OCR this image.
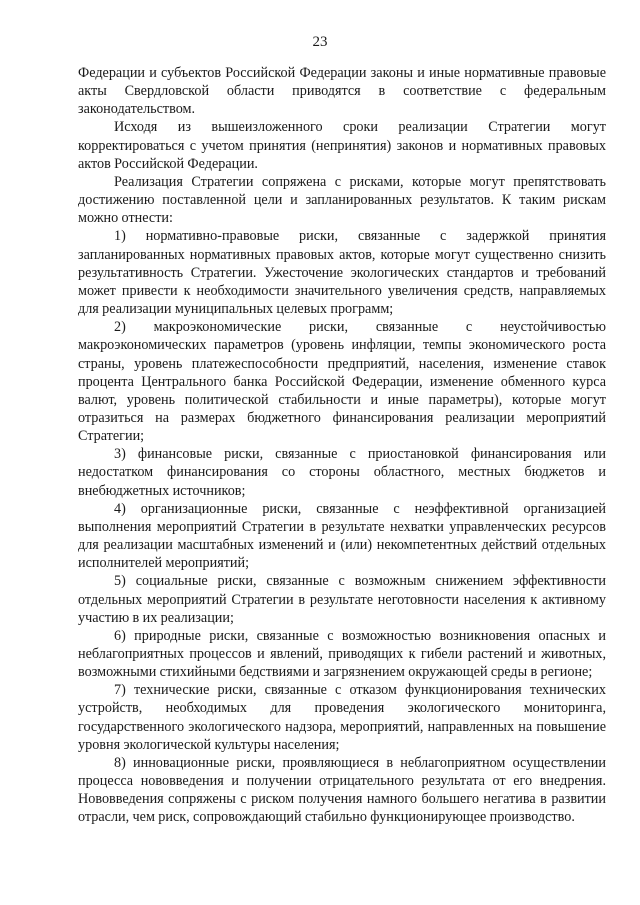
23

Федерации и субъектов Российской Федерации законы и иные нормативные правовые акты Свердловской области приводятся в соответствие с федеральным законодательством.

Исходя из вышеизложенного сроки реализации Стратегии могут корректироваться с учетом принятия (непринятия) законов и нормативных правовых актов Российской Федерации.

Реализация Стратегии сопряжена с рисками, которые могут препятствовать достижению поставленной цели и запланированных результатов. К таким рискам можно отнести:

1) нормативно-правовые риски, связанные с задержкой принятия запланированных нормативных правовых актов, которые могут существенно снизить результативность Стратегии. Ужесточение экологических стандартов и требований может привести к необходимости значительного увеличения средств, направляемых для реализации муниципальных целевых программ;

2) макроэкономические риски, связанные с неустойчивостью макроэкономических параметров (уровень инфляции, темпы экономического роста страны, уровень платежеспособности предприятий, населения, изменение ставок процента Центрального банка Российской Федерации, изменение обменного курса валют, уровень политической стабильности и иные параметры), которые могут отразиться на размерах бюджетного финансирования реализации мероприятий Стратегии;

3) финансовые риски, связанные с приостановкой финансирования или недостатком финансирования со стороны областного, местных бюджетов и внебюджетных источников;

4) организационные риски, связанные с неэффективной организацией выполнения мероприятий Стратегии в результате нехватки управленческих ресурсов для реализации масштабных изменений и (или) некомпетентных действий отдельных исполнителей мероприятий;

5) социальные риски, связанные с возможным снижением эффективности отдельных мероприятий Стратегии в результате неготовности населения к активному участию в их реализации;

6) природные риски, связанные с возможностью возникновения опасных и неблагоприятных процессов и явлений, приводящих к гибели растений и животных, возможными стихийными бедствиями и загрязнением окружающей среды в регионе;

7) технические риски, связанные с отказом функционирования технических устройств, необходимых для проведения экологического мониторинга, государственного экологического надзора, мероприятий, направленных на повышение уровня экологической культуры населения;

8) инновационные риски, проявляющиеся в неблагоприятном осуществлении процесса нововведения и получении отрицательного результата от его внедрения. Нововведения сопряжены с риском получения намного большего негатива в развитии отрасли, чем риск, сопровождающий стабильно функционирующее производство.
